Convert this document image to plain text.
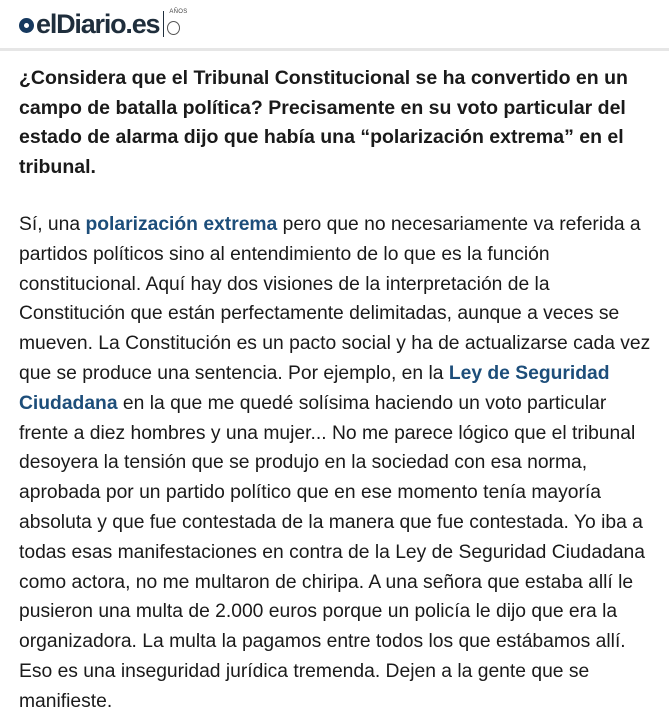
elDiario.es AÑOS

¿Considera que el Tribunal Constitucional se ha convertido en un campo de batalla política? Precisamente en su voto particular del estado de alarma dijo que había una “polarización extrema” en el tribunal.

Sí, una polarización extrema pero que no necesariamente va referida a partidos políticos sino al entendimiento de lo que es la función constitucional. Aquí hay dos visiones de la interpretación de la Constitución que están perfectamente delimitadas, aunque a veces se mueven. La Constitución es un pacto social y ha de actualizarse cada vez que se produce una sentencia. Por ejemplo, en la Ley de Seguridad Ciudadana en la que me quedé solísima haciendo un voto particular frente a diez hombres y una mujer... No me parece lógico que el tribunal desoyera la tensión que se produjo en la sociedad con esa norma, aprobada por un partido político que en ese momento tenía mayoría absoluta y que fue contestada de la manera que fue contestada. Yo iba a todas esas manifestaciones en contra de la Ley de Seguridad Ciudadana como actora, no me multaron de chiripa. A una señora que estaba allí le pusieron una multa de 2.000 euros porque un policía le dijo que era la organizadora. La multa la pagamos entre todos los que estábamos allí. Eso es una inseguridad jurídica tremenda. Dejen a la gente que se manifieste.
